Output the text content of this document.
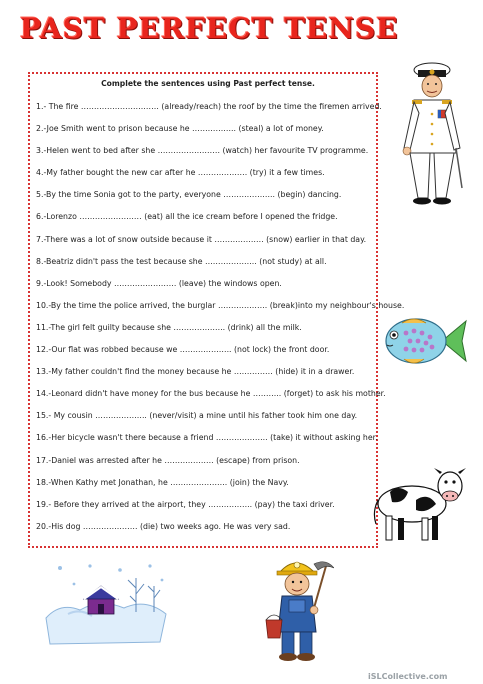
PAST PERFECT TENSE
Complete the sentences using Past perfect tense.
1.- The fire ………………………… (already/reach) the roof by the time the firemen arrived.
2.-Joe Smith went to prison because he …………….. (steal) a lot of money.
3.-Helen went to bed after she …………………… (watch) her favourite TV programme.
4.-My father bought the new car after he ………………. (try) it a few times.
5.-By the time Sonia got to the party, everyone ……………….. (begin) dancing.
6.-Lorenzo …………………… (eat) all the ice cream before I opened the fridge.
7.-There was a lot of snow outside because it ………………. (snow) earlier in that day.
8.-Beatriz didn't pass the test because she ……………….. (not study) at all.
9.-Look! Somebody …………………… (leave) the windows open.
10.-By the time the police arrived, the burglar ………………. (break)into my neighbour's house.
11.-The girl felt guilty because she ……………….. (drink) all the milk.
12.-Our flat was robbed because we ……………….. (not lock) the front door.
13.-My father couldn't find the money because he …………… (hide) it in a drawer.
14.-Leonard didn't have money for the bus because he ……….. (forget) to ask his mother.
15.- My cousin ……………….. (never/visit) a mine until his father took him one day.
16.-Her bicycle wasn't there because a friend ……………….. (take) it without asking her.
17.-Daniel was arrested after he ………………. (escape) from prison.
18.-When Kathy met Jonathan, he …………………. (join) the Navy.
19.- Before they arrived at the airport, they …………….. (pay) the taxi driver.
20.-His dog ………………… (die) two weeks ago. He was very sad.
iSLCollective.com
